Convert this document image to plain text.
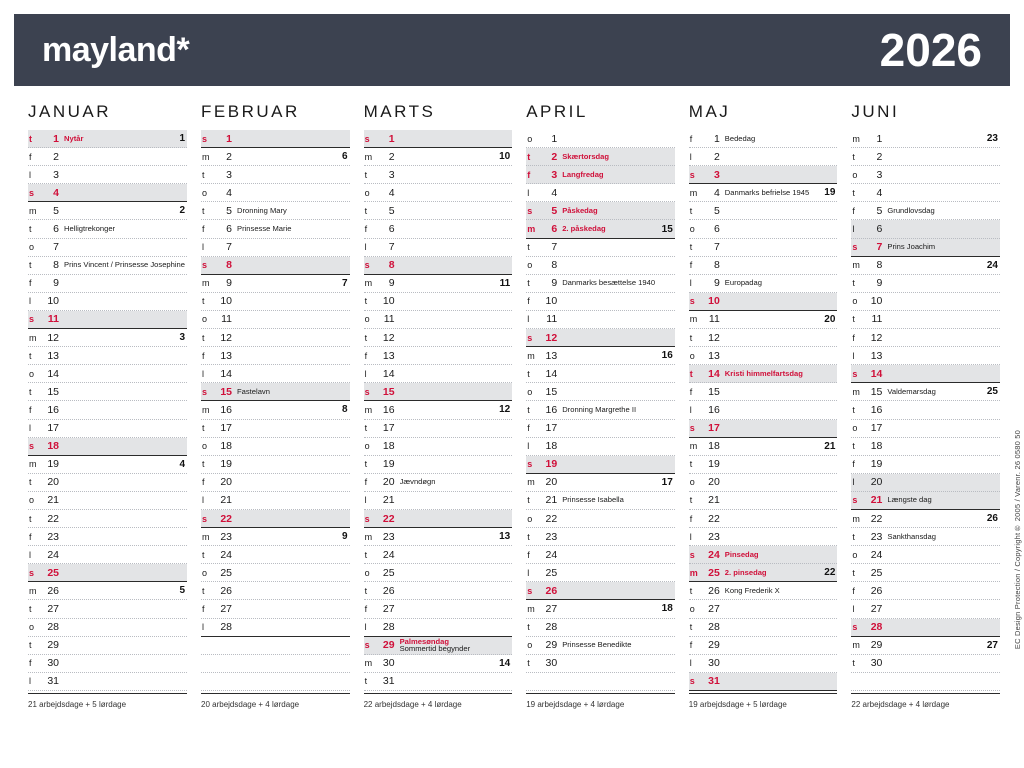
mayland*	2026
JANUAR
t	1 Nytår	1
f	2
l	3
s	4
m	5	2
t	6 Helligtrekonger
o	7
t	8 Prins Vincent / Prinsesse Josephine
f	9
l	10
s	11
m	12	3
t	13
o	14
t	15
f	16
l	17
s	18
m	19	4
t	20
o	21
t	22
f	23
l	24
s	25
m	26	5
t	27
o	28
t	29
f	30
l	31
21 arbejdsdage + 5 lørdage
FEBRUAR
s	1
m	2	6
t	3
o	4
t	5 Dronning Mary
f	6 Prinsesse Marie
l	7
s	8
m	9	7
t	10
o	11
t	12
f	13
l	14
s	15 Fastelavn
m	16	8
t	17
o	18
t	19
f	20
l	21
s	22
m	23	9
t	24
o	25
t	26
f	27
l	28
20 arbejdsdage + 4 lørdage
MARTS
s	1
m	2	10
t	3
o	4
t	5
f	6
l	7
s	8
m	9	11
t	10
o	11
t	12
f	13
l	14
s	15
m	16	12
t	17
o	18
t	19
f	20 Jævndøgn
l	21
s	22
m	23	13
t	24
o	25
t	26
f	27
l	28
s	29 Palmesøndag
Sommertid begynder
m	30	14
t	31
22 arbejdsdage + 4 lørdage
APRIL
o	1
t	2 Skærtorsdag
f	3 Langfredag
l	4
s	5 Påskedag
m	6 2. påskedag	15
t	7
o	8
t	9 Danmarks besættelse 1940
f	10
l	11
s	12
m	13	16
t	14
o	15
t	16 Dronning Margrethe II
f	17
l	18
s	19
m	20	17
t	21 Prinsesse Isabella
o	22
t	23
f	24
l	25
s	26
m	27	18
t	28
o	29 Prinsesse Benedikte
t	30
19 arbejdsdage + 4 lørdage
MAJ
f	1 Bededag
l	2
s	3
m	4 Danmarks befrielse 1945	19
t	5
o	6
t	7
f	8
l	9 Europadag
s	10
m	11	20
t	12
o	13
t	14 Kristi himmelfartsdag
f	15
l	16
s	17
m	18	21
t	19
o	20
t	21
f	22
l	23
s	24 Pinsedag
m 25 2. pinsedag	22
t	26 Kong Frederik X
o	27
t	28
f	29
l	30
s	31
19 arbejdsdage + 5 lørdage
JUNI
m	1	23
t	2
o	3
t	4
f	5 Grundlovsdag
l	6
s	7 Prins Joachim
m	8	24
t	9
o	10
t	11
f	12
l	13
s	14
m	15 Valdemarsdag	25
t	16
o	17
t	18
f	19
l	20
s	21 Længste dag
m	22	26
t	23 Sankthansdag
o	24
t	25
f	26
l	27
s	28
m	29	27
t	30
22 arbejdsdage + 4 lørdage
EC Design Protection / Copyright® 2005 / Varenr. 26 0580 50
